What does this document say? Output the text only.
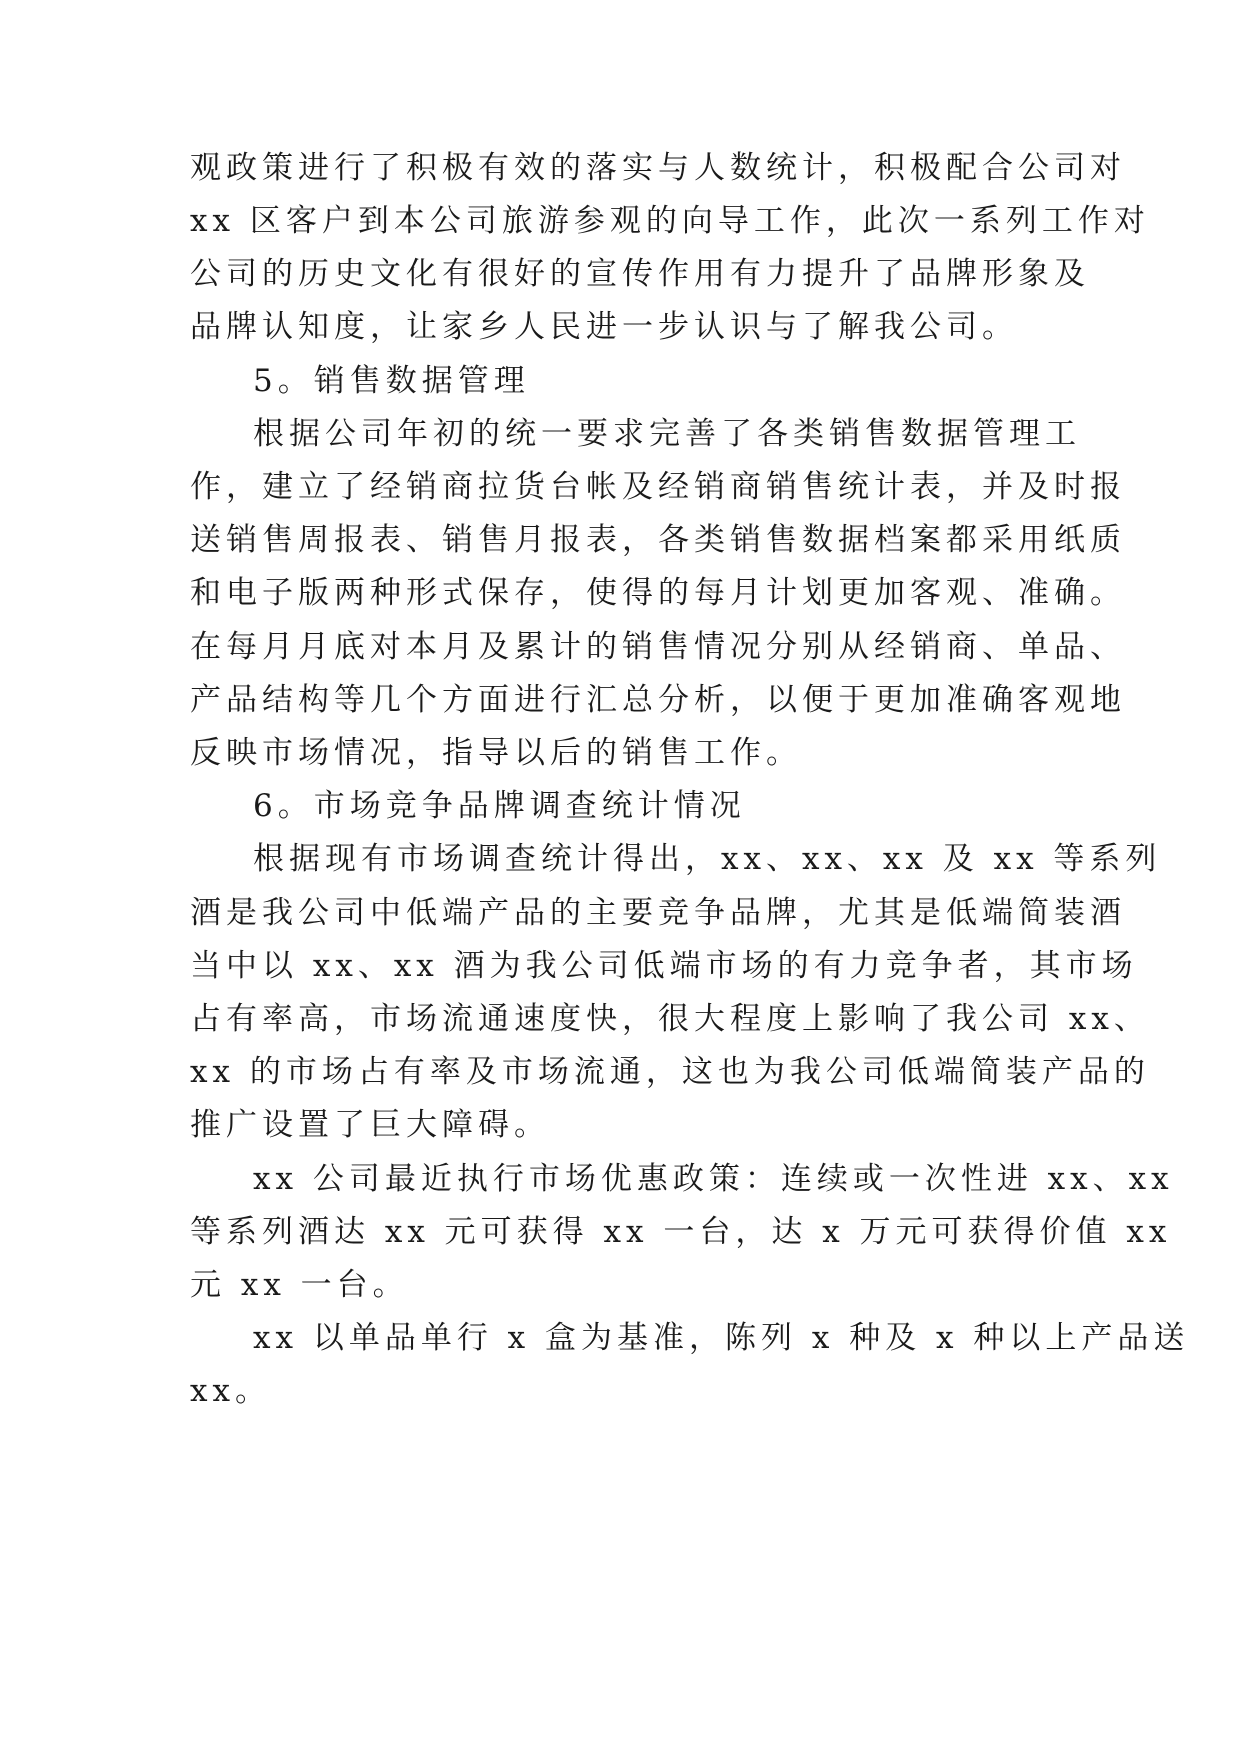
观政策进行了积极有效的落实与人数统计，积极配合公司对
xx 区客户到本公司旅游参观的向导工作，此次一系列工作对
公司的历史文化有很好的宣传作用有力提升了品牌形象及
品牌认知度，让家乡人民进一步认识与了解我公司。
5。销售数据管理
根据公司年初的统一要求完善了各类销售数据管理工
作，建立了经销商拉货台帐及经销商销售统计表，并及时报
送销售周报表、销售月报表，各类销售数据档案都采用纸质
和电子版两种形式保存，使得的每月计划更加客观、准确。
在每月月底对本月及累计的销售情况分别从经销商、单品、
产品结构等几个方面进行汇总分析，以便于更加准确客观地
反映市场情况，指导以后的销售工作。
6。市场竞争品牌调查统计情况
根据现有市场调查统计得出，xx、xx、xx 及 xx 等系列
酒是我公司中低端产品的主要竞争品牌，尤其是低端简装酒
当中以 xx、xx 酒为我公司低端市场的有力竞争者，其市场
占有率高，市场流通速度快，很大程度上影响了我公司 xx、
xx 的市场占有率及市场流通，这也为我公司低端简装产品的
推广设置了巨大障碍。
xx 公司最近执行市场优惠政策：连续或一次性进 xx、xx
等系列酒达 xx 元可获得 xx 一台，达 x 万元可获得价值 xx
元 xx 一台。
xx 以单品单行 x 盒为基准，陈列 x 种及 x 种以上产品送
xx。
